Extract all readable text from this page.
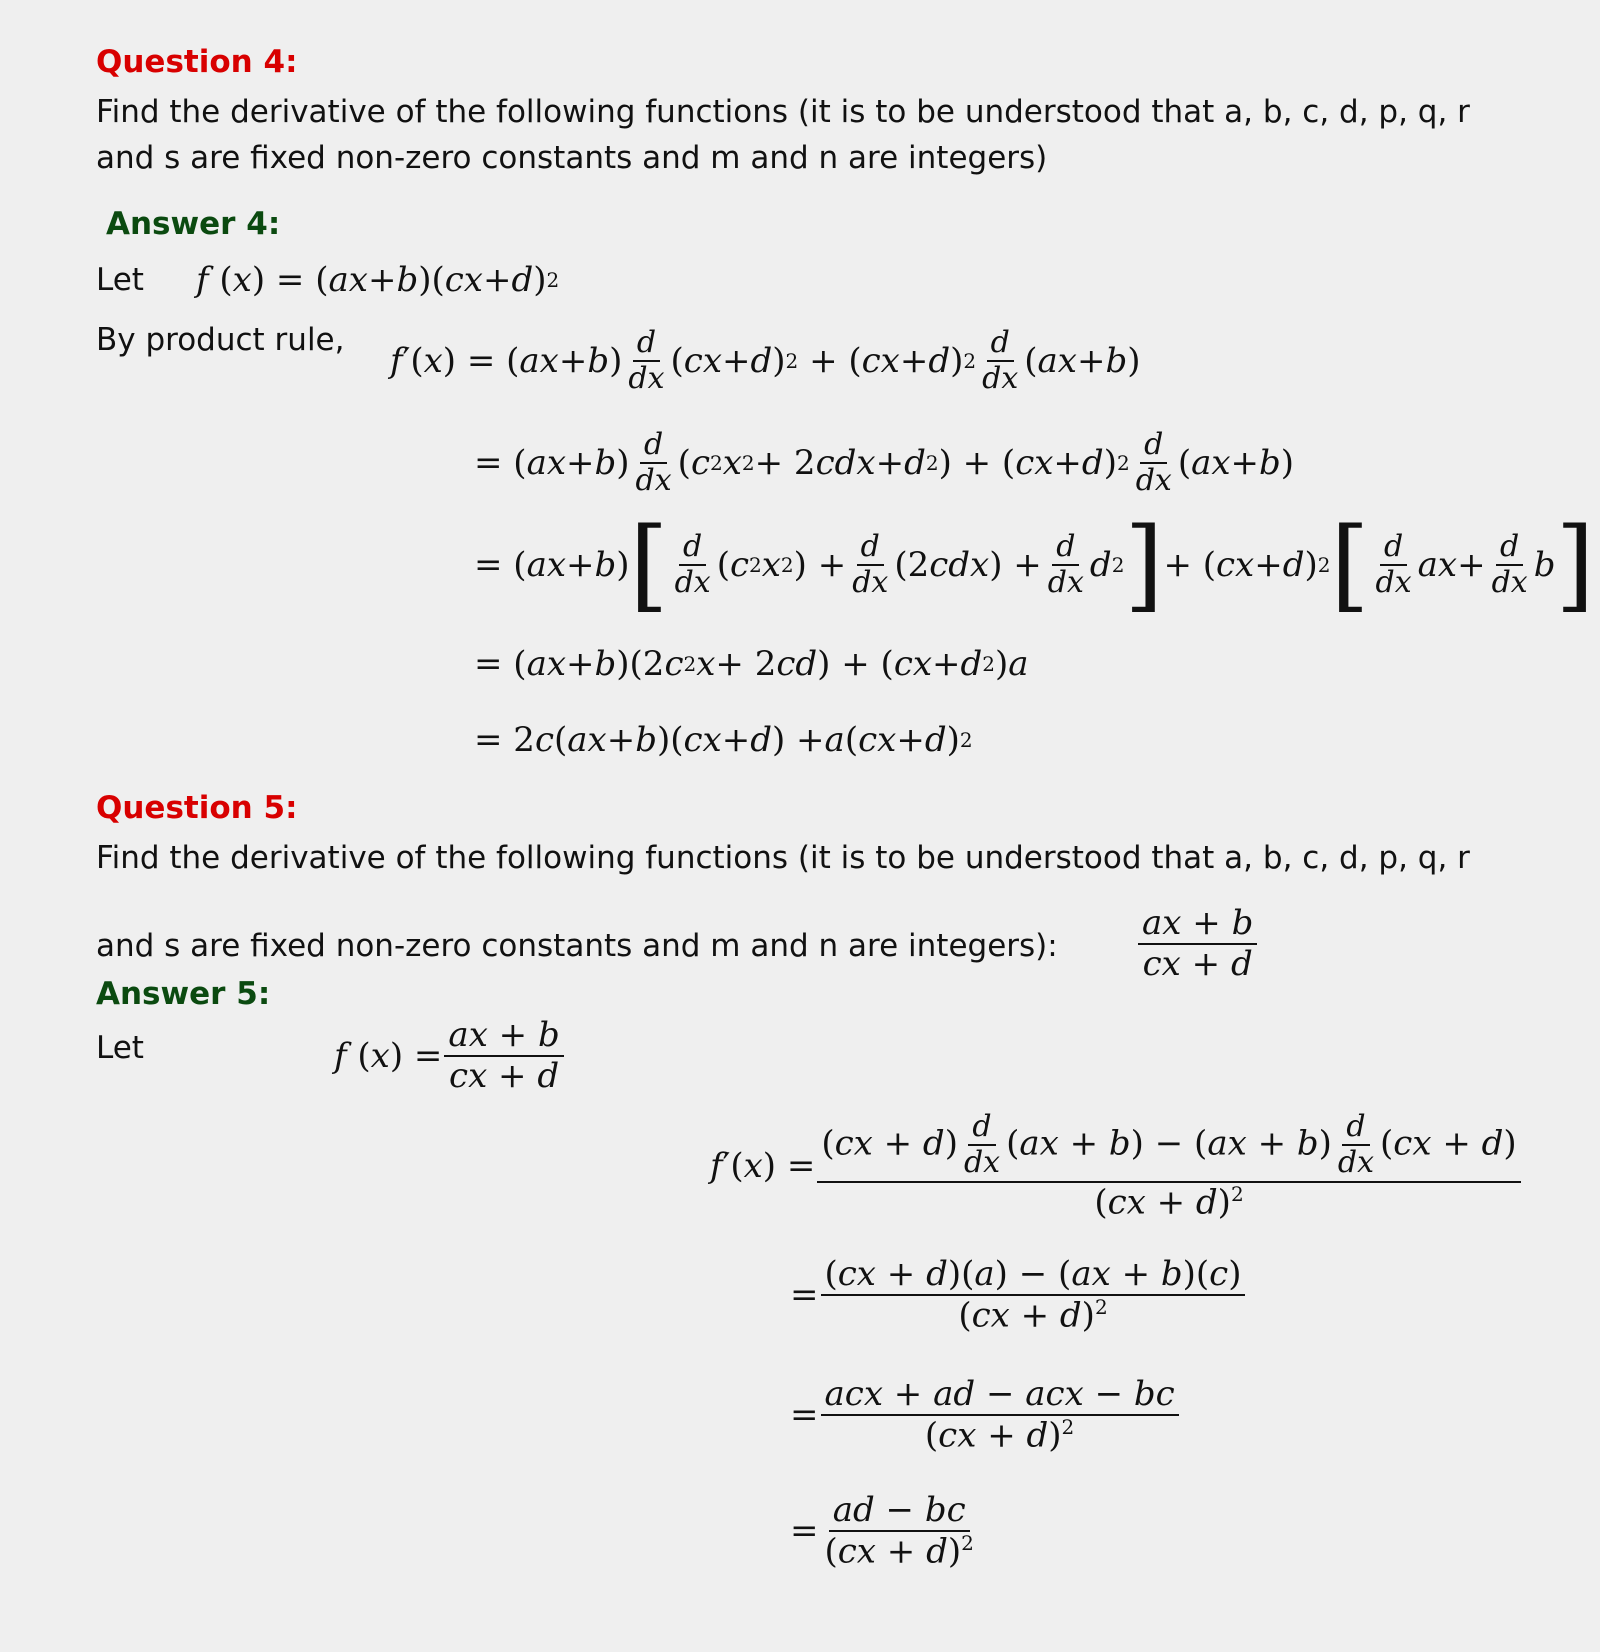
Question 4:
Find the derivative of the following functions (it is to be understood that a, b, c, d, p, q, r
and s are fixed non-zero constants and m and n are integers)
Answer 4:
Let f ( x ) = ( ax + b )( cx + d ) 2
By product rule,
f ′( x ) = ( ax + b ) $\frac{d}{dx}$ ( cx + d ) 2 + ( cx + d ) $2 \frac{d}{dx}$ ( ax + b )
= ( ax + b ) $\frac{d}{dx}$ ( c 2 x 2 + 2 cdx + d 2 ) + ( cx + d ) $2 \frac{d}{dx}$ ( ax + b )
= ( ax + b ) [ $\frac{d}{dx}$ ( c 2 x 2 ) + $\frac{d}{dx} (2$ cdx ) + $\frac{d}{dx}$ d 2 ] + ( cx + d ) 2 [ $\frac{d}{dx}$ ax + $\frac{d}{dx}$ b ]
= ( ax + b )(2 c 2 x + 2 cd ) + ( cx + d 2 ) a
= 2 c ( ax + b )( cx + d ) + a ( cx + d ) 2
Question 5:
Find the derivative of the following functions (it is to be understood that a, b, c, d, p, q, r
and s are fixed non-zero constants and m and n are integers): $\frac{ax + b}{cx + d}$
Answer 5:
Let	f ( x ) = $\frac{ax + b}{cx + d}$
f ′( x ) = $\frac{(cx + d) \frac{d}{dx} (ax + b) - (ax + b) \frac{d}{dx} (cx + d)}{(cx + d)^2}$
= $\frac{(cx + d)(a) - (ax + b)(c)}{(cx + d)^2}$
= $\frac{\text{acx + ad − acx − bc}}{(cx + d)^2}$
= $\frac{ad - bc}{(cx + d)^2}$
